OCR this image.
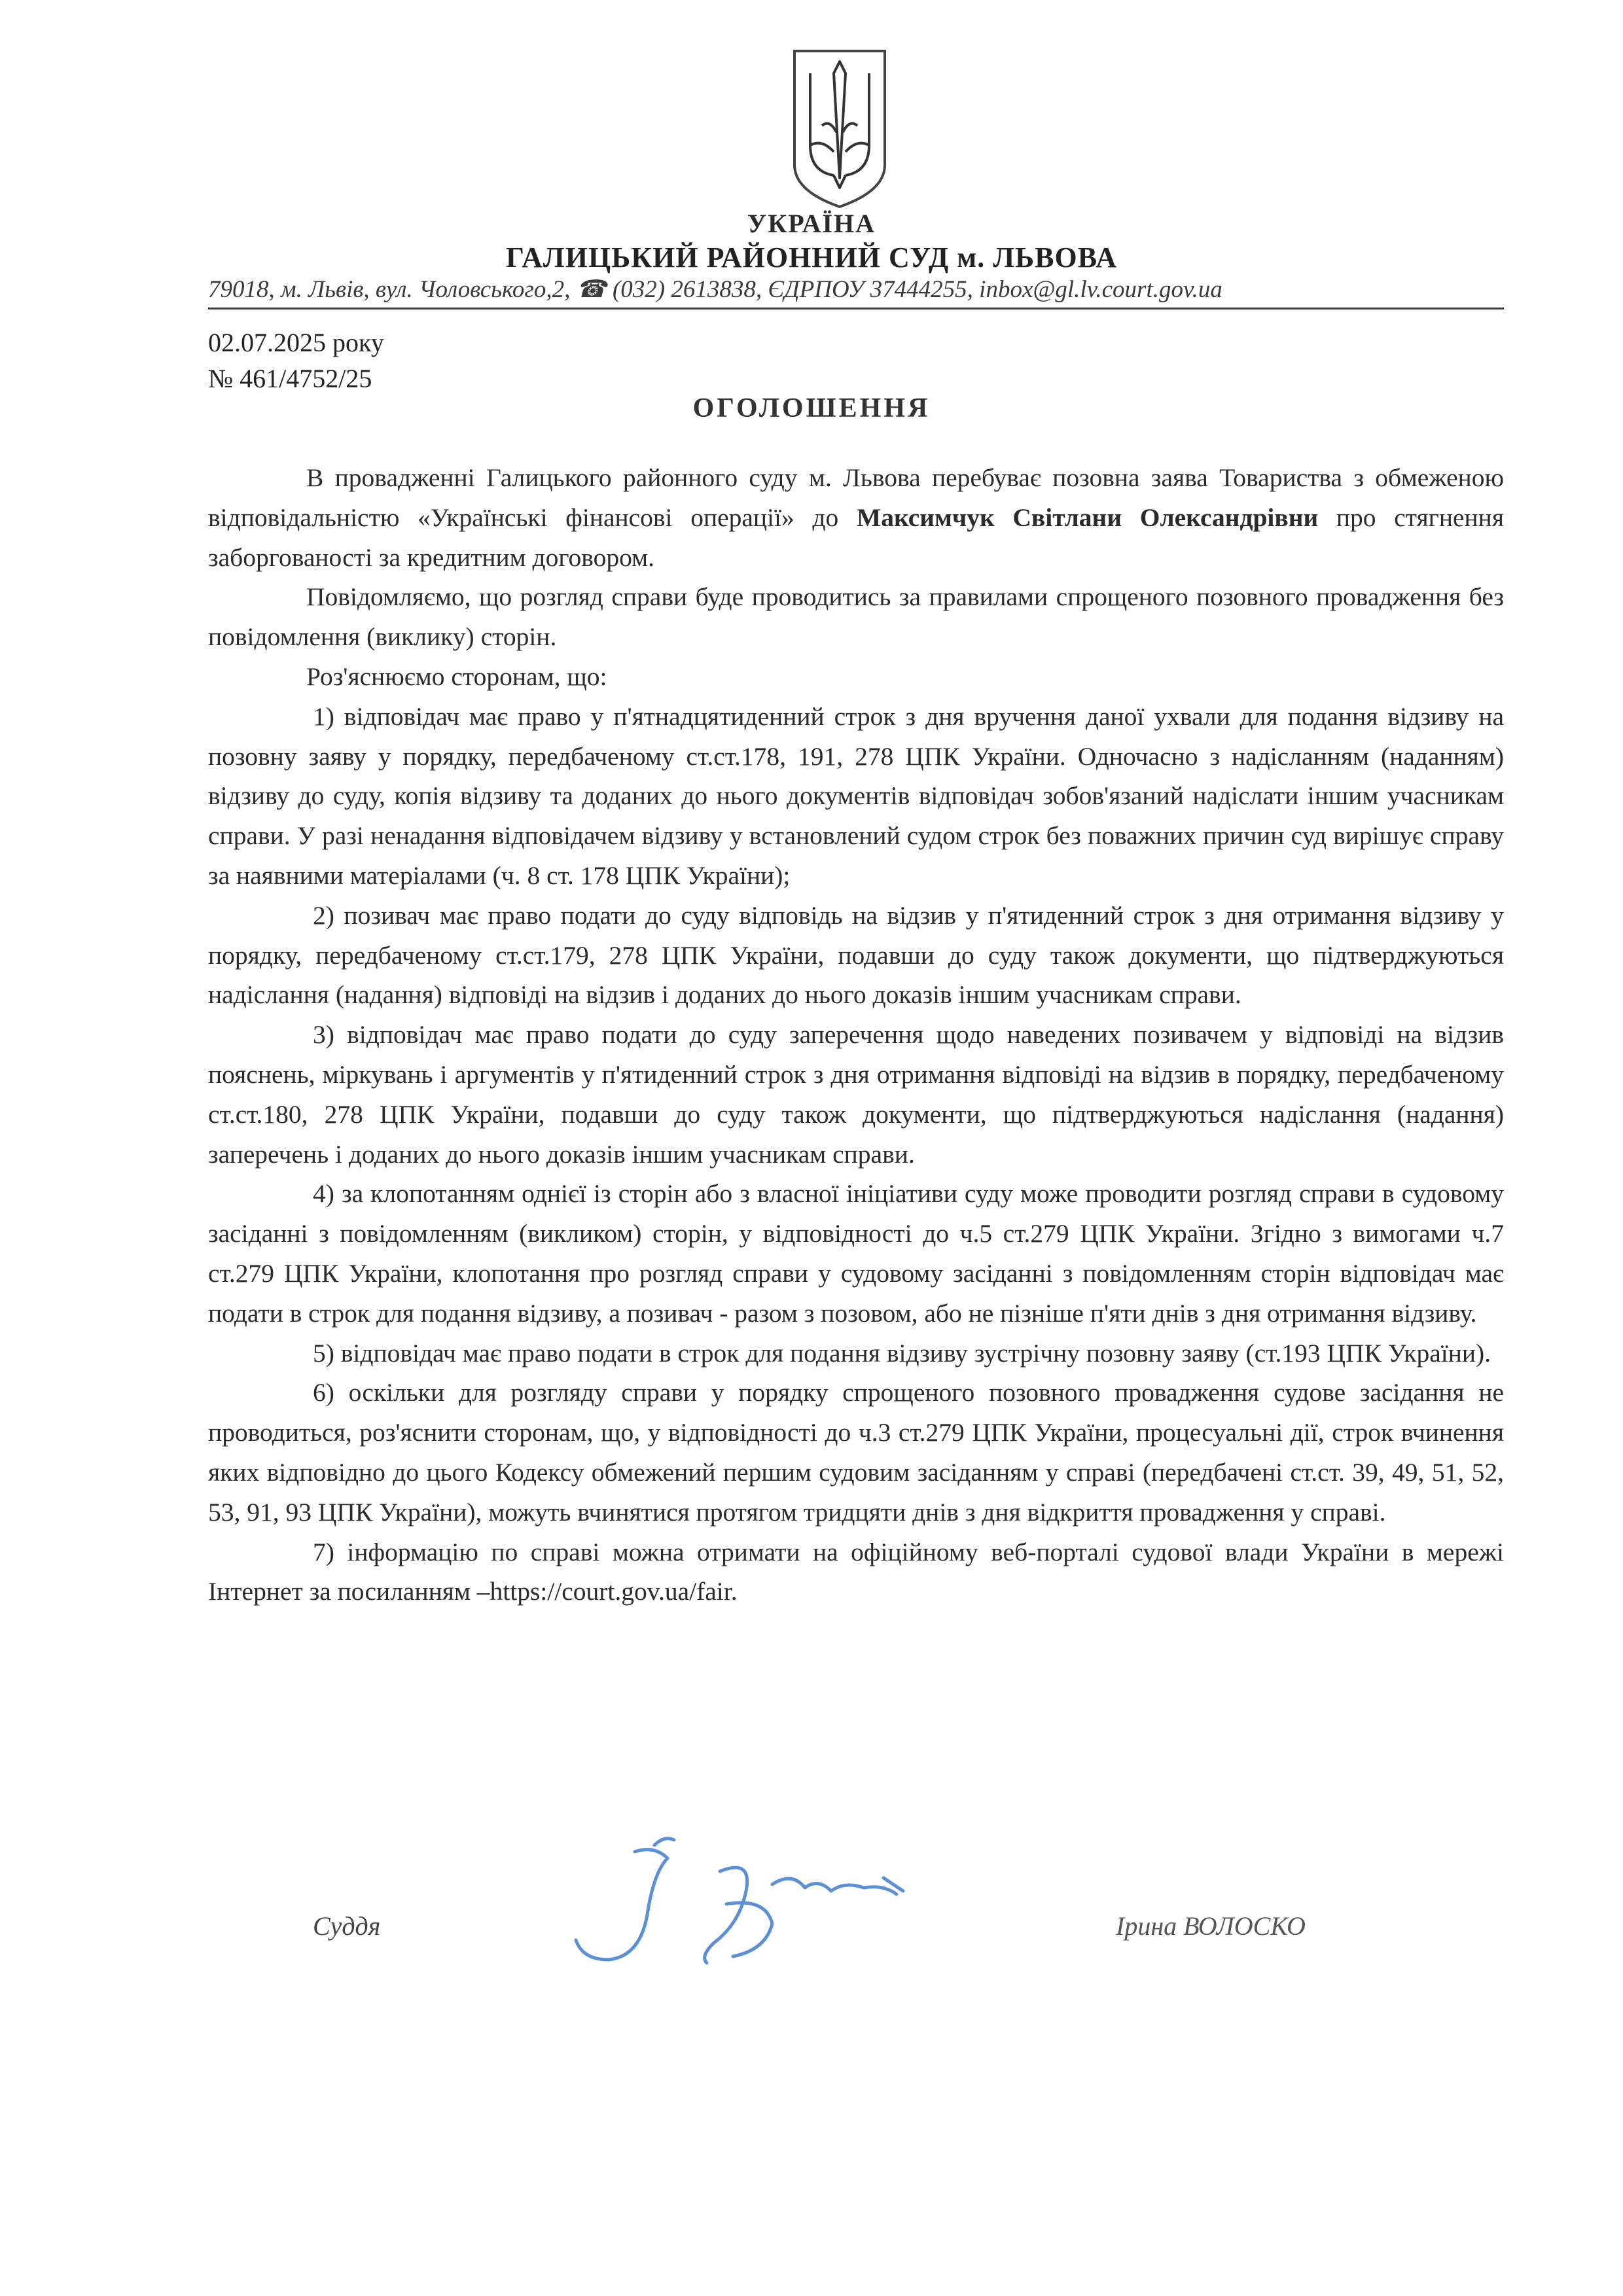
УКРАЇНА
ГАЛИЦЬКИЙ РАЙОННИЙ СУД м. ЛЬВОВА
79018, м. Львів, вул. Чоловського,2, ☎ (032) 2613838, ЄДРПОУ 37444255, inbox@gl.lv.court.gov.ua
02.07.2025 року
№ 461/4752/25
ОГОЛОШЕННЯ

В провадженні Галицького районного суду м. Львова перебуває позовна заява Товариства з обмеженою відповідальністю «Українські фінансові операції» до Максимчук Світлани Олександрівни про стягнення заборгованості за кредитним договором.

Повідомляємо, що розгляд справи буде проводитись за правилами спрощеного позовного провадження без повідомлення (виклику) сторін.

Роз'яснюємо сторонам, що:

1) відповідач має право у п'ятнадцятиденний строк з дня вручення даної ухвали для подання відзиву на позовну заяву у порядку, передбаченому ст.ст.178, 191, 278 ЦПК України. Одночасно з надісланням (наданням) відзиву до суду, копія відзиву та доданих до нього документів відповідач зобов'язаний надіслати іншим учасникам справи. У разі ненадання відповідачем відзиву у встановлений судом строк без поважних причин суд вирішує справу за наявними матеріалами (ч. 8 ст. 178 ЦПК України);

2) позивач має право подати до суду відповідь на відзив у п'ятиденний строк з дня отримання відзиву у порядку, передбаченому ст.ст.179, 278 ЦПК України, подавши до суду також документи, що підтверджуються надіслання (надання) відповіді на відзив і доданих до нього доказів іншим учасникам справи.

3) відповідач має право подати до суду заперечення щодо наведених позивачем у відповіді на відзив пояснень, міркувань і аргументів у п'ятиденний строк з дня отримання відповіді на відзив в порядку, передбаченому ст.ст.180, 278 ЦПК України, подавши до суду також документи, що підтверджуються надіслання (надання) заперечень і доданих до нього доказів іншим учасникам справи.

4) за клопотанням однієї із сторін або з власної ініціативи суду може проводити розгляд справи в судовому засіданні з повідомленням (викликом) сторін, у відповідності до ч.5 ст.279 ЦПК України. Згідно з вимогами ч.7 ст.279 ЦПК України, клопотання про розгляд справи у судовому засіданні з повідомленням сторін відповідач має подати в строк для подання відзиву, а позивач - разом з позовом, або не пізніше п'яти днів з дня отримання відзиву.

5) відповідач має право подати в строк для подання відзиву зустрічну позовну заяву (ст.193 ЦПК України).

6) оскільки для розгляду справи у порядку спрощеного позовного провадження судове засідання не проводиться, роз'яснити сторонам, що, у відповідності до ч.3 ст.279 ЦПК України, процесуальні дії, строк вчинення яких відповідно до цього Кодексу обмежений першим судовим засіданням у справі (передбачені ст.ст. 39, 49, 51, 52, 53, 91, 93 ЦПК України), можуть вчинятися протягом тридцяти днів з дня відкриття провадження у справі.

7) інформацію по справі можна отримати на офіційному веб-порталі судової влади України в мережі Інтернет за посиланням –https://court.gov.ua/fair.

Суддя	Ірина ВОЛОСКО
